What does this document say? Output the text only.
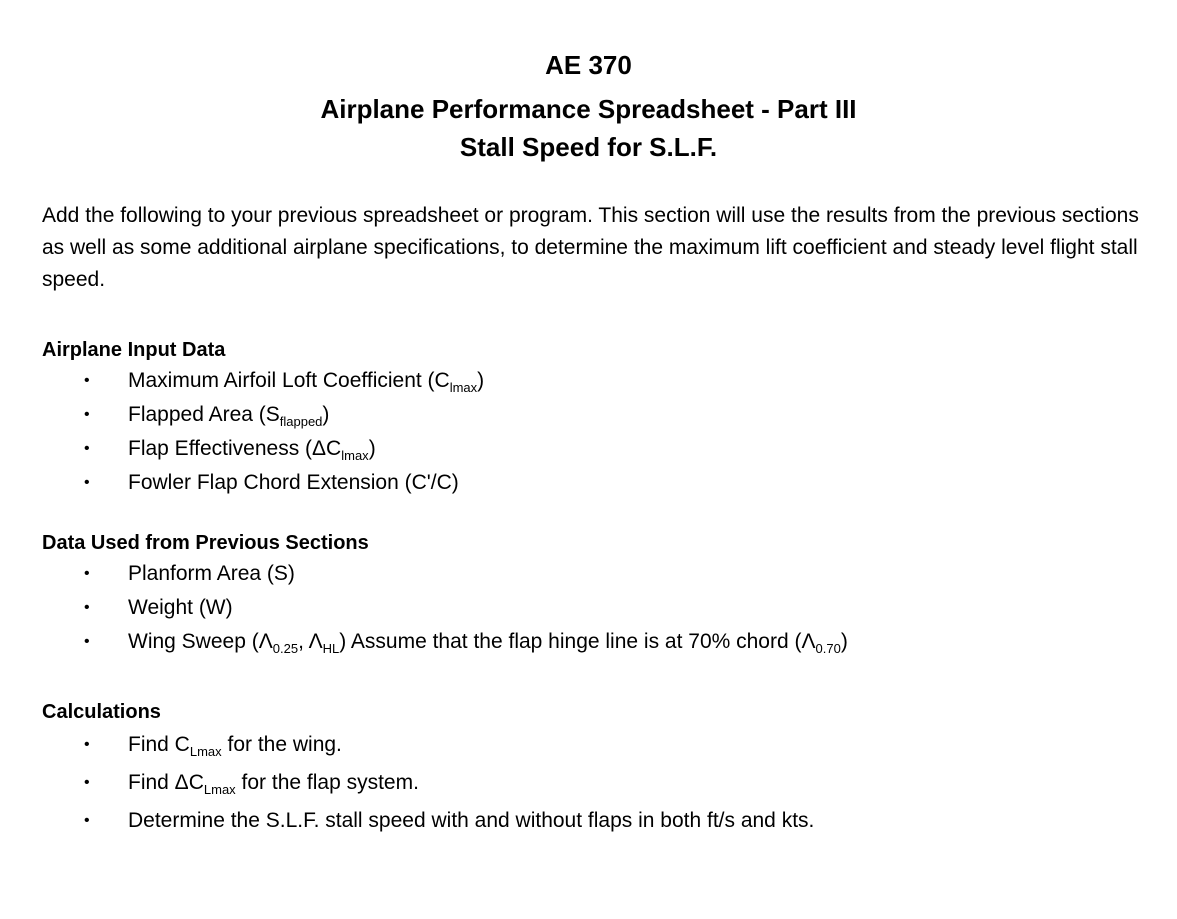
AE 370
Airplane Performance Spreadsheet - Part III
Stall Speed for S.L.F.
Add the following to your previous spreadsheet or program. This section will use the results from the previous sections as well as some additional airplane specifications, to determine the maximum lift coefficient and steady level flight stall speed.
Airplane Input Data
• Maximum Airfoil Loft Coefficient $(C_{lmax})$
• Flapped Area $(S_{flapped})$
• Flap Effectiveness $(\Delta C_{lmax})$
• Fowler Flap Chord Extension (C'/C)
Data Used from Previous Sections
• Planform Area (S)
• Weight (W)
• Wing Sweep ($\Lambda_{0.25}$, $\Lambda_{HL}$) Assume that the flap hinge line is at 70% chord $(\Lambda_{0.70})$
Calculations
• Find $C_{Lmax}$ for the wing.
• Find $\Delta C_{Lmax}$ for the flap system.
• Determine the S.L.F. stall speed with and without flaps in both ft/s and kts.
